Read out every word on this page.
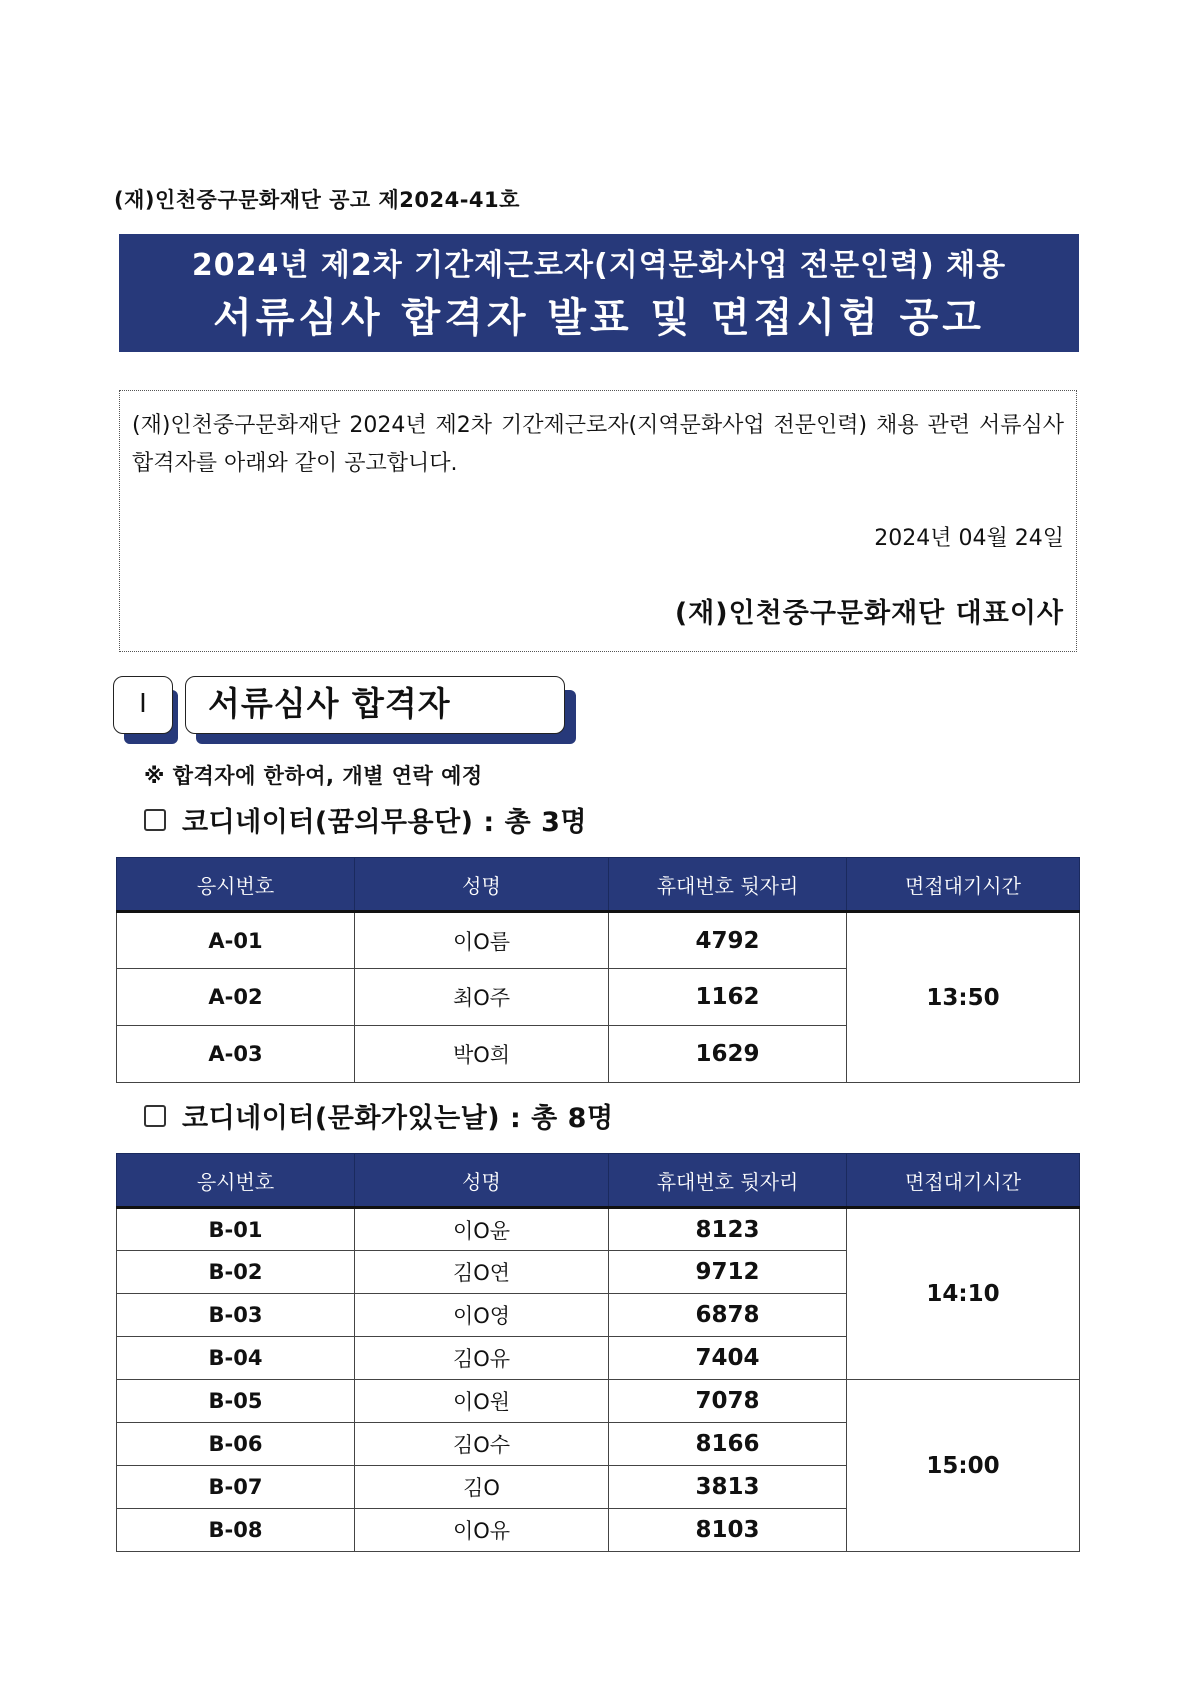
(재)인천중구문화재단 공고 제2024-41호
2024년 제2차 기간제근로자(지역문화사업 전문인력) 채용
서류심사 합격자 발표 및 면접시험 공고
(재)인천중구문화재단 2024년 제2차 기간제근로자(지역문화사업 전문인력) 채용 관련 서류심사 합격자를 아래와 같이 공고합니다.
2024년 04월 24일
(재)인천중구문화재단 대표이사
Ⅰ	서류심사 합격자
※ 합격자에 한하여, 개별 연락 예정
코디네이터(꿈의무용단) : 총 3명
응시번호	성명	휴대번호 뒷자리	면접대기시간
A-01	이O름	4792	13:50
A-02	최O주	1162	
A-03	박O희	1629	
코디네이터(문화가있는날) : 총 8명
응시번호	성명	휴대번호 뒷자리	면접대기시간
B-01	이O윤	8123	14:10
B-02	김O연	9712	
B-03	이O영	6878	
B-04	김O유	7404	
B-05	이O원	7078	15:00
B-06	김O수	8166	
B-07	김O	3813	
B-08	이O유	8103	
